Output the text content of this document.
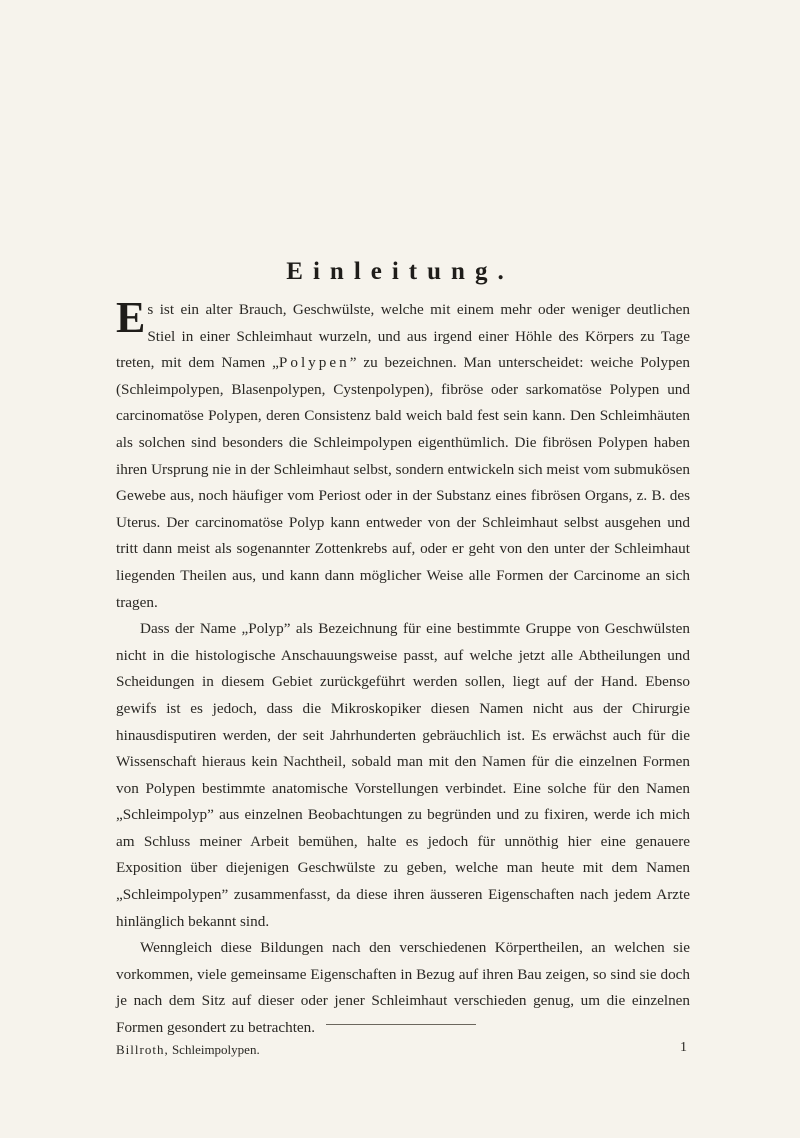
Einleitung.

Es ist ein alter Brauch, Geschwülste, welche mit einem mehr oder weniger deutlichen Stiel in einer Schleimhaut wurzeln, und aus irgend einer Höhle des Körpers zu Tage treten, mit dem Namen „Polypen” zu bezeichnen. Man unterscheidet: weiche Polypen (Schleimpolypen, Blasenpolypen, Cystenpolypen), fibröse oder sarkomatöse Polypen und carcinomatöse Polypen, deren Consistenz bald weich bald fest sein kann. Den Schleimhäuten als solchen sind besonders die Schleimpolypen eigenthümlich. Die fibrösen Polypen haben ihren Ursprung nie in der Schleimhaut selbst, sondern entwickeln sich meist vom submukösen Gewebe aus, noch häufiger vom Periost oder in der Substanz eines fibrösen Organs, z. B. des Uterus. Der carcinomatöse Polyp kann entweder von der Schleimhaut selbst ausgehen und tritt dann meist als sogenannter Zottenkrebs auf, oder er geht von den unter der Schleimhaut liegenden Theilen aus, und kann dann möglicher Weise alle Formen der Carcinome an sich tragen.

Dass der Name „Polyp” als Bezeichnung für eine bestimmte Gruppe von Geschwülsten nicht in die histologische Anschauungsweise passt, auf welche jetzt alle Abtheilungen und Scheidungen in diesem Gebiet zurückgeführt werden sollen, liegt auf der Hand. Ebenso gewifs ist es jedoch, dass die Mikroskopiker diesen Namen nicht aus der Chirurgie hinausdisputiren werden, der seit Jahrhunderten gebräuchlich ist. Es erwächst auch für die Wissenschaft hieraus kein Nachtheil, sobald man mit den Namen für die einzelnen Formen von Polypen bestimmte anatomische Vorstellungen verbindet. Eine solche für den Namen „Schleimpolyp” aus einzelnen Beobachtungen zu begründen und zu fixiren, werde ich mich am Schluss meiner Arbeit bemühen, halte es jedoch für unnöthig hier eine genauere Exposition über diejenigen Geschwülste zu geben, welche man heute mit dem Namen „Schleimpolypen” zusammenfasst, da diese ihren äusseren Eigenschaften nach jedem Arzte hinlänglich bekannt sind.

Wenngleich diese Bildungen nach den verschiedenen Körpertheilen, an welchen sie vorkommen, viele gemeinsame Eigenschaften in Bezug auf ihren Bau zeigen, so sind sie doch je nach dem Sitz auf dieser oder jener Schleimhaut verschieden genug, um die einzelnen Formen gesondert zu betrachten.

Billroth, Schleimpolypen.	1
